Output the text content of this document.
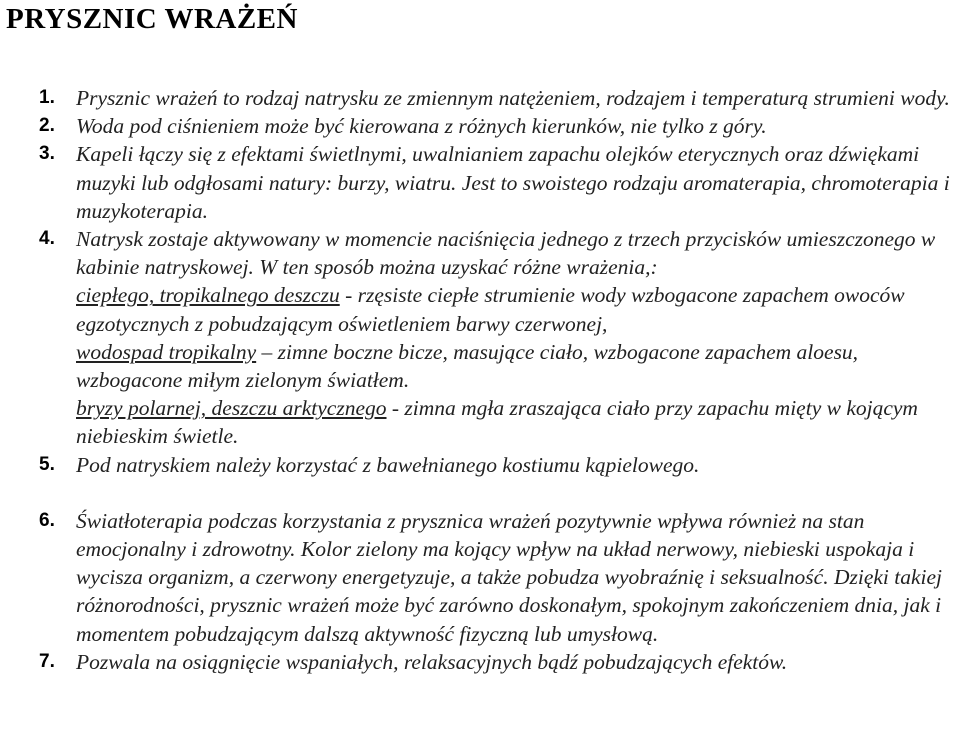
PRYSZNIC WRAŻEŃ
1. Prysznic wrażeń to rodzaj natrysku ze zmiennym natężeniem, rodzajem i temperaturą strumieni wody.
2. Woda pod ciśnieniem może być kierowana z różnych kierunków, nie tylko z góry.
3. Kapeli łączy się z efektami świetlnymi, uwalnianiem zapachu olejków eterycznych oraz dźwiękami muzyki lub odgłosami natury: burzy, wiatru. Jest to swoistego rodzaju aromaterapia, chromoterapia i muzykoterapia.
4. Natrysk zostaje aktywowany w momencie naciśnięcia jednego z trzech przycisków umieszczonego w kabinie natryskowej. W ten sposób można uzyskać różne wrażenia,:
ciepłego, tropikalnego deszczu - rzęsiste ciepłe strumienie wody wzbogacone zapachem owoców egzotycznych z pobudzającym oświetleniem barwy czerwonej,
wodospad tropikalny – zimne boczne bicze, masujące ciało, wzbogacone zapachem aloesu, wzbogacone miłym zielonym światłem.
bryzy polarnej, deszczu arktycznego - zimna mgła zraszająca ciało przy zapachu mięty w kojącym niebieskim świetle.
5. Pod natryskiem należy korzystać z bawełnianego kostiumu kąpielowego.
6. Światłoterapia podczas korzystania z prysznica wrażeń pozytywnie wpływa również na stan emocjonalny i zdrowotny. Kolor zielony ma kojący wpływ na układ nerwowy, niebieski uspokaja i wycisza organizm, a czerwony energetyzuje, a także pobudza wyobraźnię i seksualność. Dzięki takiej różnorodności, prysznic wrażeń może być zarówno doskonałym, spokojnym zakończeniem dnia, jak i momentem pobudzającym dalszą aktywność fizyczną lub umysłową.
7. Pozwala na osiągnięcie wspaniałych, relaksacyjnych bądź pobudzających efektów.
